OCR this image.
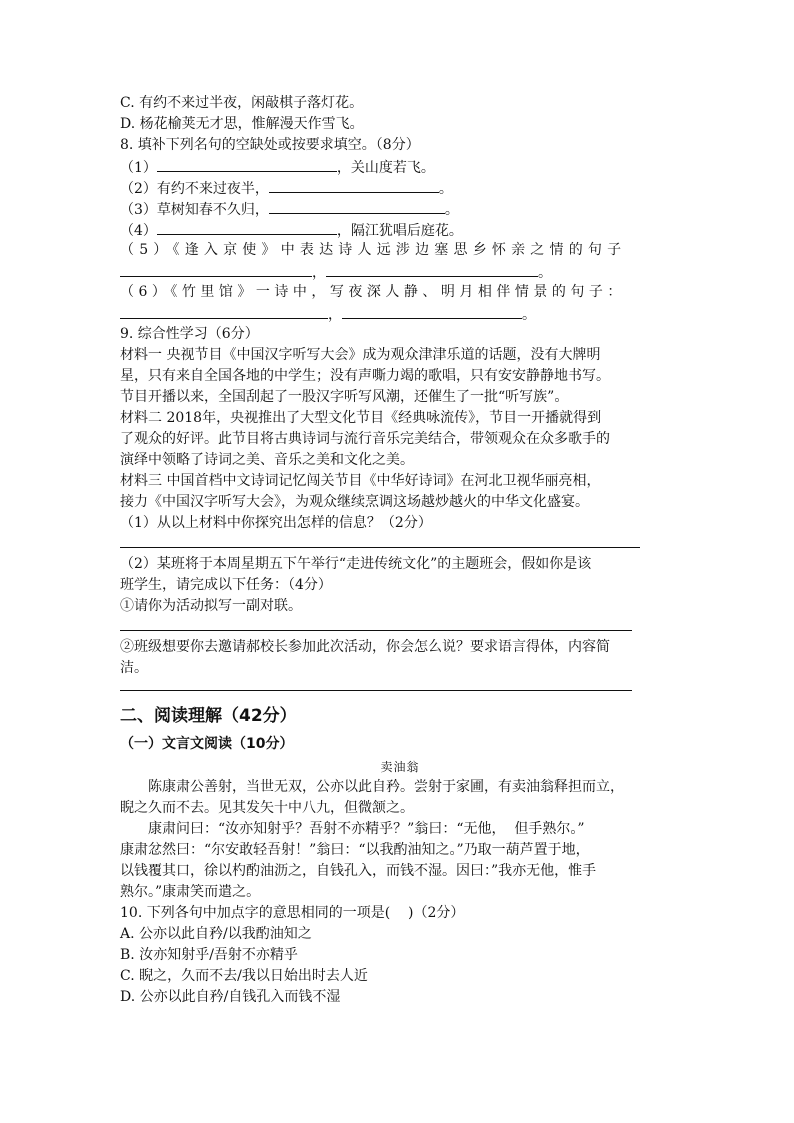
C. 有约不来过半夜，闲敲棋子落灯花。
D. 杨花榆荚无才思，惟解漫天作雪飞。
8. 填补下列名句的空缺处或按要求填空。（8分）
（1）	，关山度若飞。
（2）有约不来过夜半，	。
（3）草树知春不久归，	。
（4）	，隔江犹唱后庭花。
（5）《逢入京使》中表达诗人远涉边塞思乡怀亲之情的句子
，	。
（6）《竹里馆》一诗中，写夜深人静、明月相伴情景的句子：
，	。
9. 综合性学习（6分）
材料一 央视节目《中国汉字听写大会》成为观众津津乐道的话题，没有大牌明
星，只有来自全国各地的中学生；没有声嘶力竭的歌唱，只有安安静静地书写。
节目开播以来，全国刮起了一股汉字听写风潮，还催生了一批“听写族”。
材料二 2018年，央视推出了大型文化节目《经典咏流传》，节目一开播就得到
了观众的好评。此节目将古典诗词与流行音乐完美结合，带领观众在众多歌手的
演绎中领略了诗词之美、音乐之美和文化之美。
材料三 中国首档中文诗词记忆闯关节目《中华好诗词》在河北卫视华丽亮相，
接力《中国汉字听写大会》，为观众继续烹调这场越炒越火的中华文化盛宴。
（1）从以上材料中你探究出怎样的信息？（2分）
（2）某班将于本周星期五下午举行“走进传统文化”的主题班会，假如你是该
班学生，请完成以下任务：（4分）
①请你为活动拟写一副对联。
②班级想要你去邀请郝校长参加此次活动，你会怎么说？要求语言得体，内容简
洁。
二、阅读理解（42分）
（一）文言文阅读（10分）
卖油翁
陈康肃公善射，当世无双，公亦以此自矜。尝射于家圃，有卖油翁释担而立，
睨之久而不去。见其发矢十中八九，但微颔之。
康肃问曰：“汝亦知射乎？吾射不亦精乎？”翁曰：“无他，  但手熟尔。”
康肃忿然曰：“尔安敢轻吾射！”翁曰：“以我酌油知之。”乃取一葫芦置于地，
以钱覆其口，徐以杓酌油沥之，自钱孔入，而钱不湿。因曰：”我亦无他，惟手
熟尔。”康肃笑而遣之。
10. 下列各句中加点字的意思相同的一项是(    )（2分）
A. 公亦以此自矜/以我酌油知之
B. 汝亦知射乎/吾射不亦精乎
C. 睨之，久而不去/我以日始出时去人近
D. 公亦以此自矜/自钱孔入而钱不湿
